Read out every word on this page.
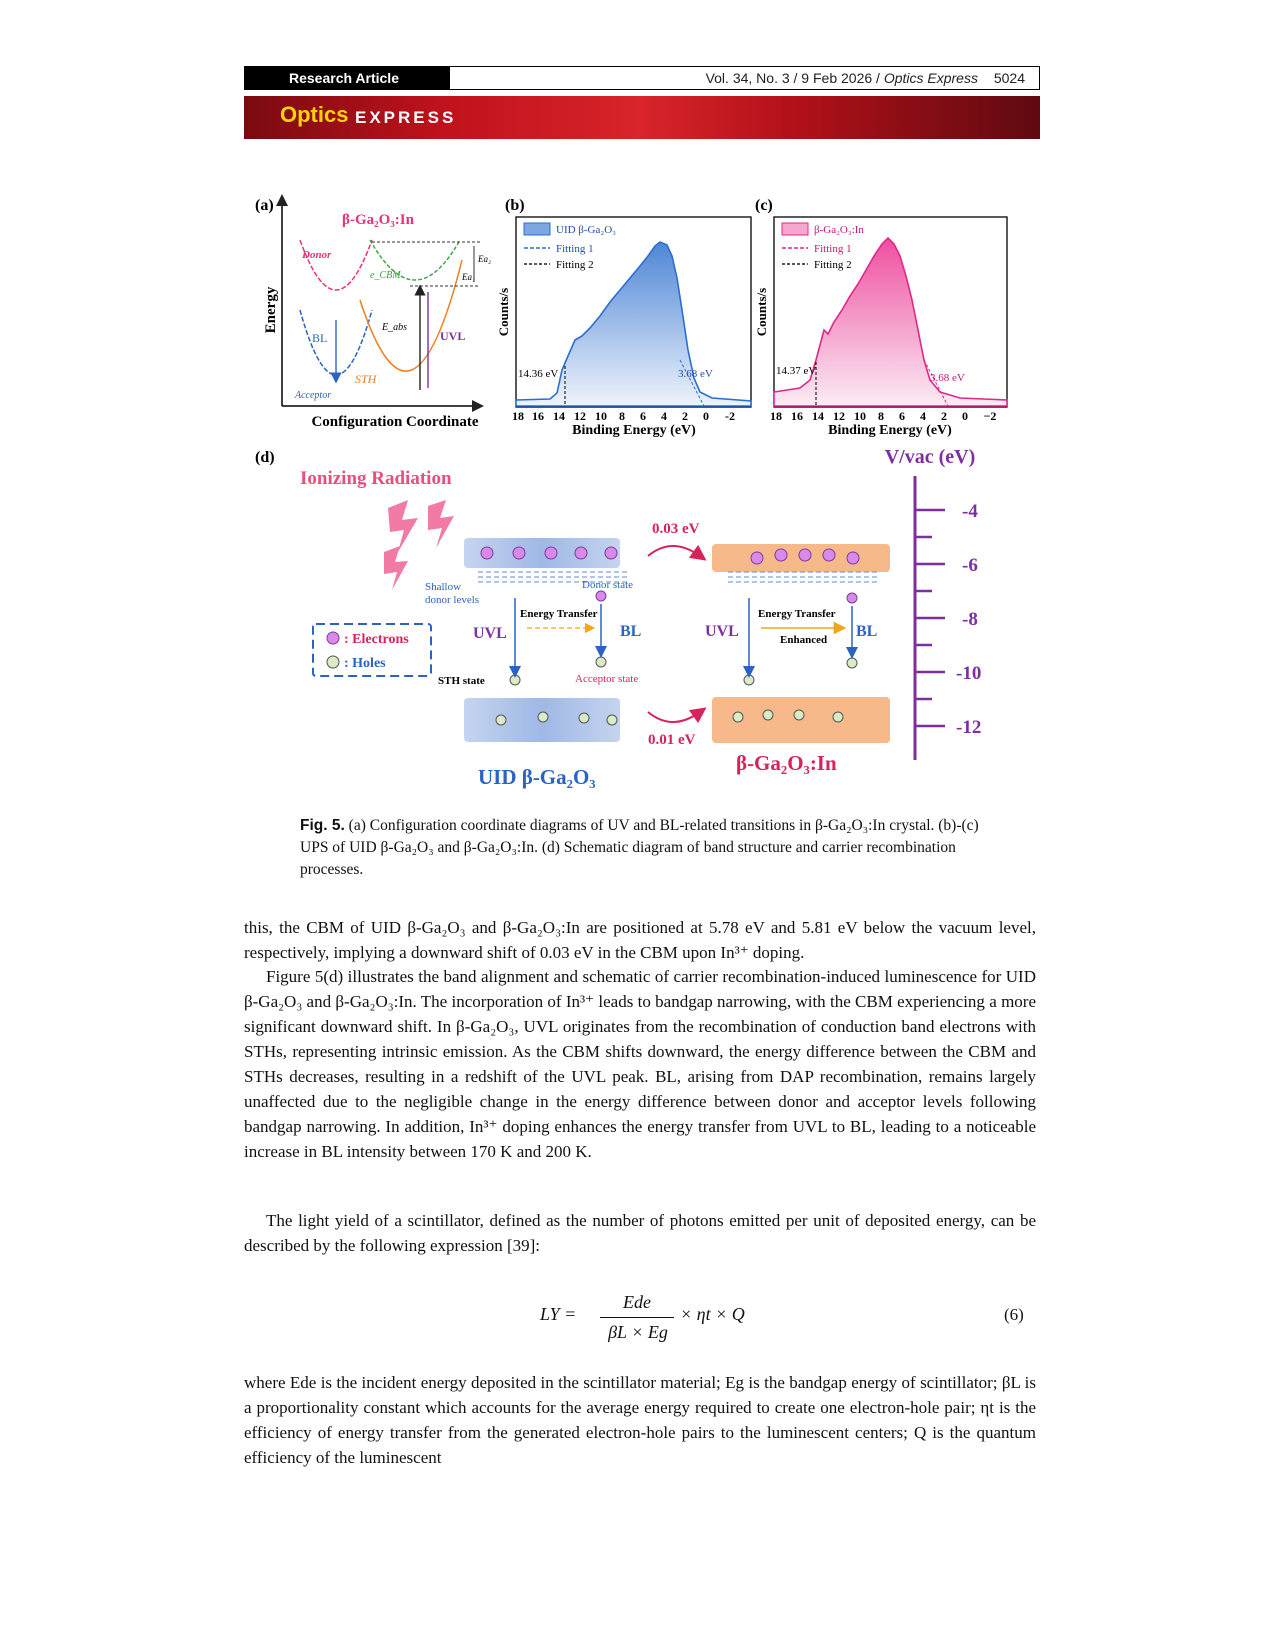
Research Article	Vol. 34, No. 3 / 9 Feb 2026 / Optics Express 5024
Optics EXPRESS
(a)
Energy
Configuration Coordinate
β-Ga₂O₃:In
Donor
e_CBM
E_abs
UVL
BL
STH
Acceptor
Ea₂
Ea₁
(b)
UID β-Ga₂O₃
Fitting 1
Fitting 2
14.36 eV	3.68 eV
Counts/s
Binding Energy (eV)
18 16 14 12 10 8 6 4 2 0 -2
(c)
β-Ga₂O₃:In
Fitting 1
Fitting 2
14.37 eV
3.68 eV
Counts/s
Binding Energy (eV)
18 16 14 12 10 8 6 4 2 0 −2
(d)
Ionizing Radiation
0.03 eV
0.01 eV
Shallow
donor levels
Donor state
Acceptor state
STH state
Energy Transfer	Energy Transfer
Enhanced
UVL	BL	UVL	BL
: Electrons
: Holes
UID β-Ga₂O₃
β-Ga₂O₃:In
V/vac (eV)
-4
-6
-8
-10
-12
Fig. 5. (a) Configuration coordinate diagrams of UV and BL-related transitions in β-Ga₂O₃:In crystal. (b)-(c) UPS of UID β-Ga₂O₃ and β-Ga₂O₃:In. (d) Schematic diagram of band structure and carrier recombination processes.
this, the CBM of UID β-Ga₂O₃ and β-Ga₂O₃:In are positioned at 5.78 eV and 5.81 eV below the vacuum level, respectively, implying a downward shift of 0.03 eV in the CBM upon In³⁺ doping.
Figure 5(d) illustrates the band alignment and schematic of carrier recombination-induced luminescence for UID β-Ga₂O₃ and β-Ga₂O₃:In. The incorporation of In³⁺ leads to bandgap narrowing, with the CBM experiencing a more significant downward shift. In β-Ga₂O₃, UVL originates from the recombination of conduction band electrons with STHs, representing intrinsic emission. As the CBM shifts downward, the energy difference between the CBM and STHs decreases, resulting in a redshift of the UVL peak. BL, arising from DAP recombination, remains largely unaffected due to the negligible change in the energy difference between donor and acceptor levels following bandgap narrowing. In addition, In³⁺ doping enhances the energy transfer from UVL to BL, leading to a noticeable increase in BL intensity between 170 K and 200 K.
The light yield of a scintillator, defined as the number of photons emitted per unit of deposited energy, can be described by the following expression [39]:
LY =
Ede
βL × Eg
× ηt × Q	(6)
where Ede is the incident energy deposited in the scintillator material; Eg is the bandgap energy of scintillator; βL is a proportionality constant which accounts for the average energy required to create one electron-hole pair; ηt is the efficiency of energy transfer from the generated electron-hole pairs to the luminescent centers; Q is the quantum efficiency of the luminescent
